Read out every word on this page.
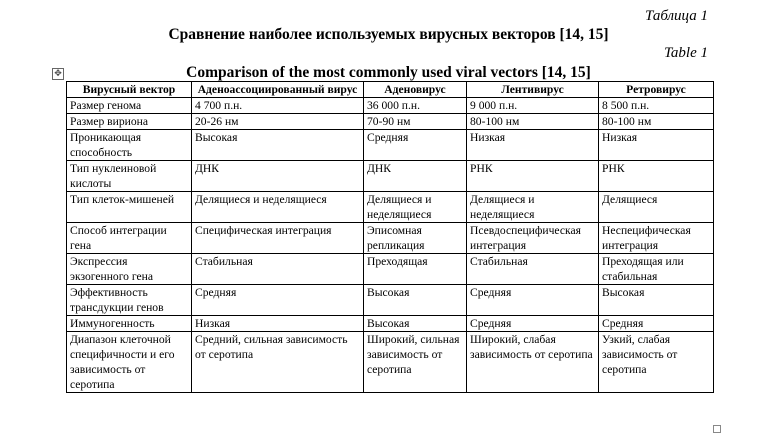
Таблица 1
Сравнение наиболее используемых вирусных векторов [14, 15]
Table 1
Comparison of the most commonly used viral vectors [14, 15]
✥
Вирусный вектор	Аденоассоциированный вирус	Аденовирус	Лентивирус	Ретровирус
Размер генома	4 700 п.н.	36 000 п.н.	9 000 п.н.	8 500 п.н.
Размер вириона	20-26 нм	70-90 нм	80-100 нм	80-100 нм
Проникающая способность	Высокая	Средняя	Низкая	Низкая
Тип нуклеиновой кислоты	ДНК	ДНК	РНК	РНК
Тип клеток-мишеней	Делящиеся и неделящиеся	Делящиеся и неделящиеся	Делящиеся и неделящиеся	Делящиеся
Способ интеграции гена	Специфическая интеграция	Эписомная репликация	Псевдоспецифическая интеграция	Неспецифическая интеграция
Экспрессия экзогенного гена	Стабильная	Преходящая	Стабильная	Преходящая или стабильная
Эффективность трансдукции генов	Средняя	Высокая	Средняя	Высокая
Иммуногенность	Низкая	Высокая	Средняя	Средняя
Диапазон клеточной специфичности и его зависимость от серотипа	Средний, сильная зависимость от серотипа	Широкий, сильная зависимость от серотипа	Широкий, слабая зависимость от серотипа	Узкий, слабая зависимость от серотипа
